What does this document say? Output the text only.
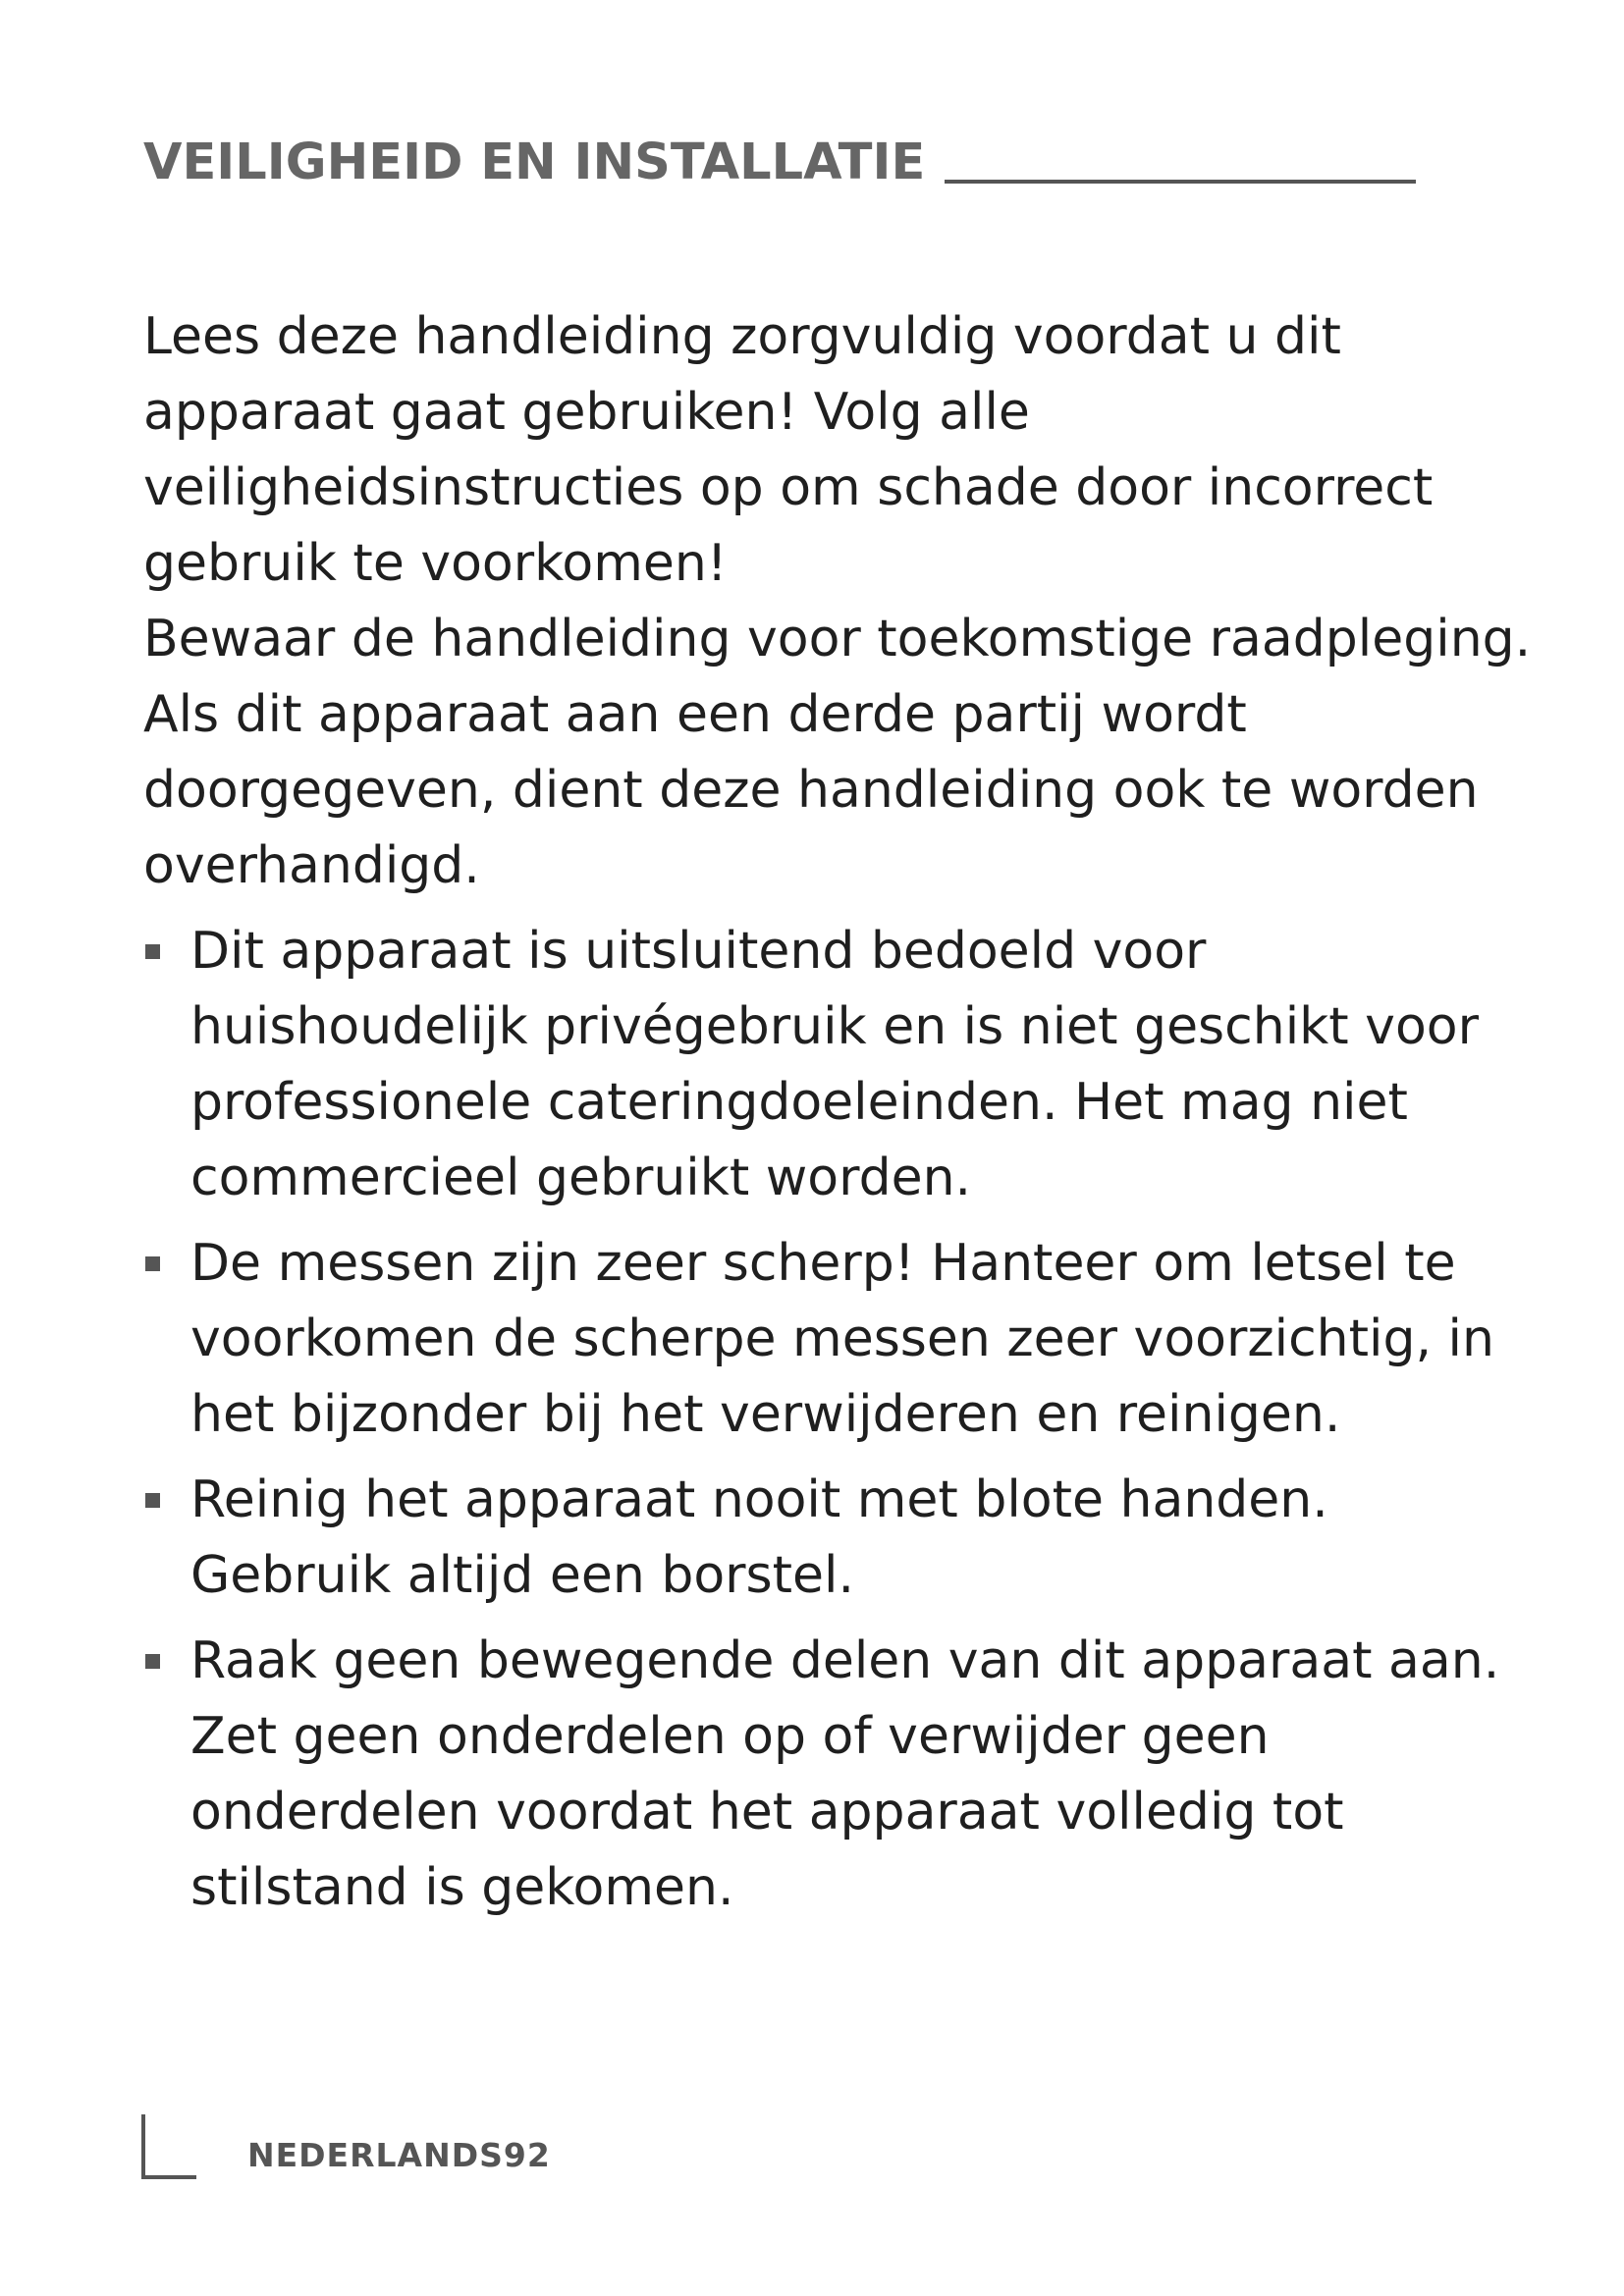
VEILIGHEID EN INSTALLATIE

Lees deze handleiding zorgvuldig voordat u dit apparaat gaat gebruiken! Volg alle veiligheidsinstructies op om schade door incorrect gebruik te voorkomen!

Bewaar de handleiding voor toekomstige raadpleging. Als dit apparaat aan een derde partij wordt doorgegeven, dient deze handleiding ook te worden overhandigd.

Dit apparaat is uitsluitend bedoeld voor huishoudelijk privégebruik en is niet geschikt voor professionele cateringdoeleinden. Het mag niet commercieel gebruikt worden.
De messen zijn zeer scherp! Hanteer om letsel te voorkomen de scherpe messen zeer voorzichtig, in het bijzonder bij het verwijderen en reinigen.
Reinig het apparaat nooit met blote handen. Gebruik altijd een borstel.
Raak geen bewegende delen van dit apparaat aan. Zet geen onderdelen op of verwijder geen onderdelen voordat het apparaat volledig tot stilstand is gekomen.
NEDERLANDS92
